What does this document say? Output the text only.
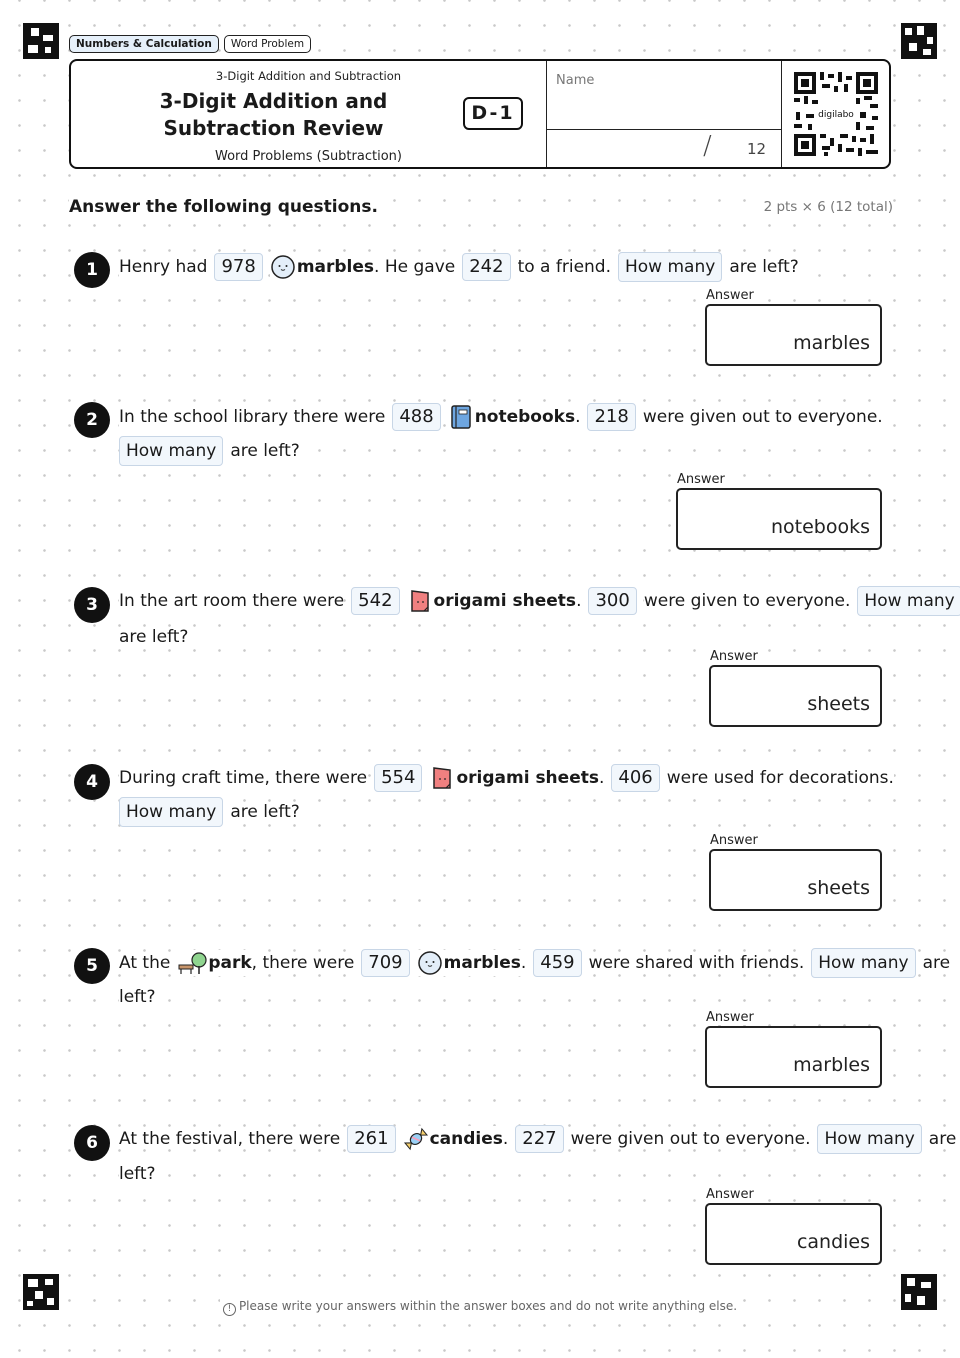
Numbers & Calculation	Word Problem
3-Digit Addition and Subtraction
3-Digit Addition and Subtraction Review
D-1
Word Problems (Subtraction)
Name
/ 12
digilabo
Answer the following questions.	2 pts × 6 (12 total)
1	Henry had 978	marbles . He gave 242 to a friend. How many are left?
Answer
marbles
2	In the school library there were 488	notebooks . 218 were given out to everyone.
How many are left?
Answer
notebooks
3	In the art room there were 542	origami sheets . 300 were given to everyone. How many
are left?
Answer
sheets
4	During craft time, there were 554	origami sheets . 406 were used for decorations.
How many are left?
Answer
sheets
5	At the park , there were 709	marbles . 459 were shared with friends. How many are
left?
Answer
marbles
6	At the festival, there were 261	candies . 227 were given out to everyone. How many are
left?
Answer
candies
! Please write your answers within the answer boxes and do not write anything else.
